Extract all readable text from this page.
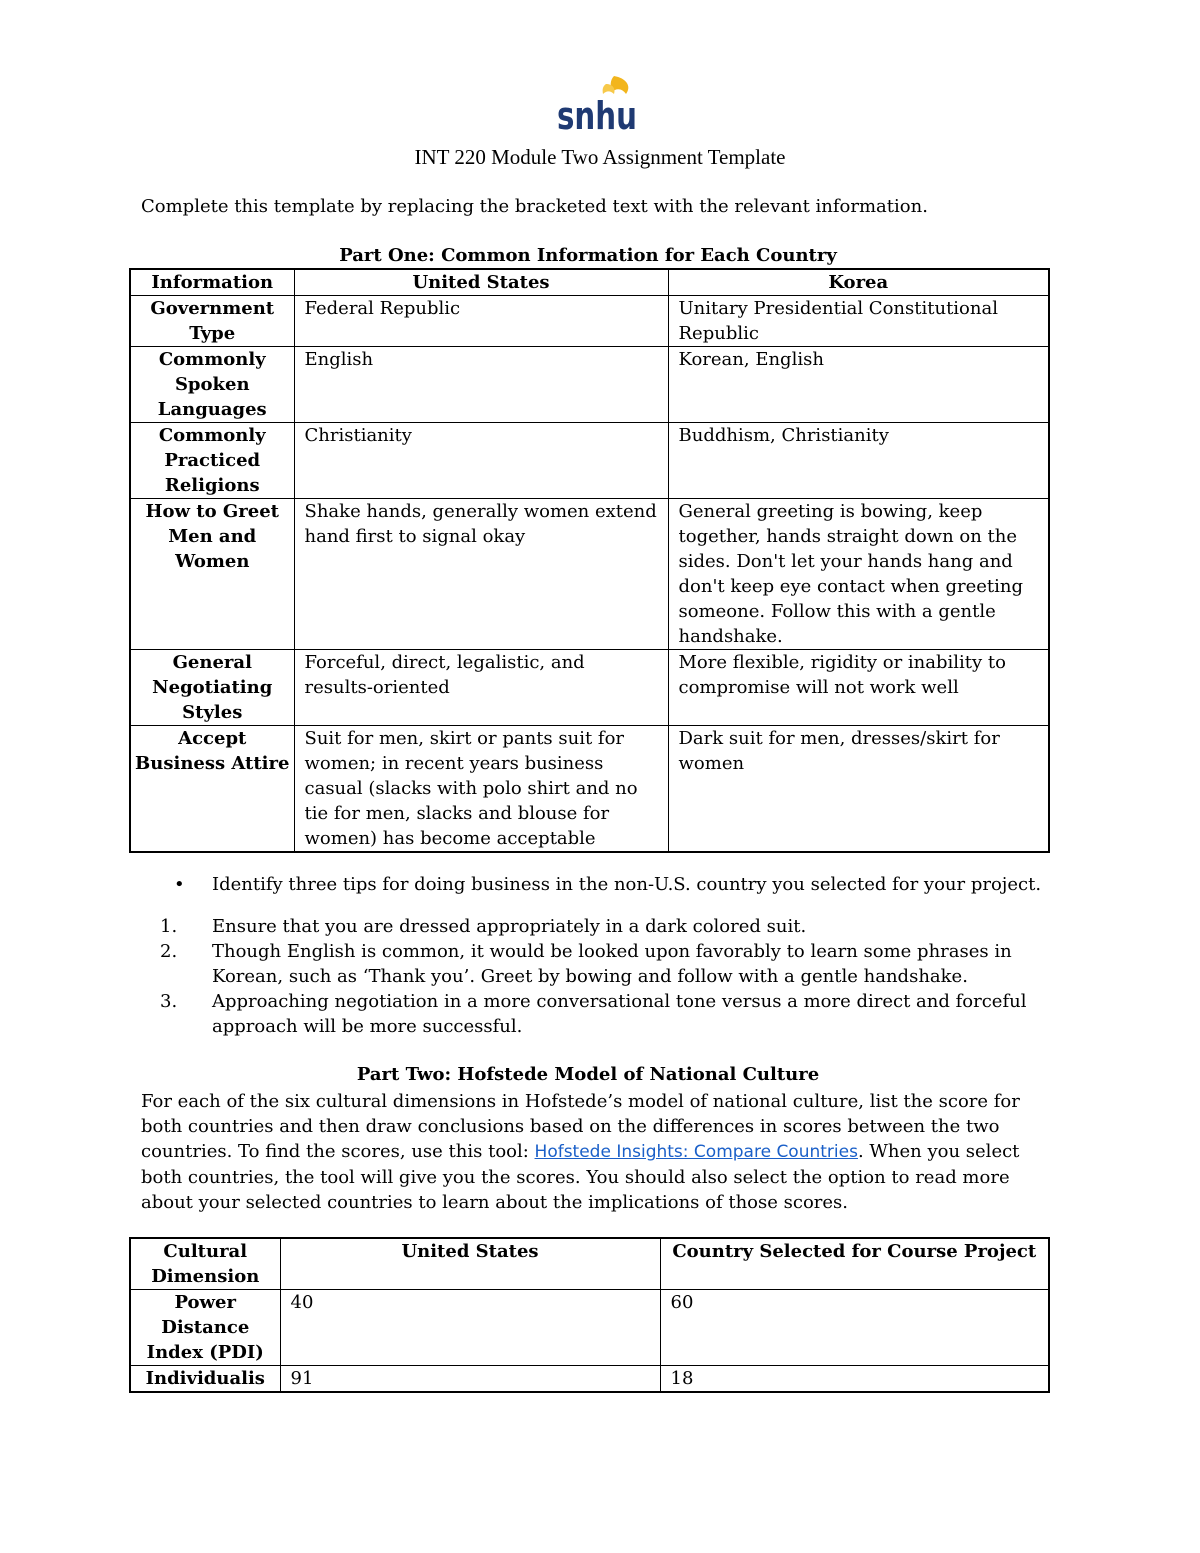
snhu
INT 220 Module Two Assignment Template
Complete this template by replacing the bracketed text with the relevant information.
Part One: Common Information for Each Country
Information	United States	Korea
Government Type	Federal Republic	Unitary Presidential Constitutional Republic
Commonly Spoken Languages	English	Korean, English
Commonly Practiced Religions	Christianity	Buddhism, Christianity
How to Greet Men and Women	Shake hands, generally women extend hand first to signal okay	General greeting is bowing, keep together, hands straight down on the sides. Don't let your hands hang and don't keep eye contact when greeting someone. Follow this with a gentle handshake.
General Negotiating Styles	Forceful, direct, legalistic, and results-oriented	More flexible, rigidity or inability to compromise will not work well
Accept Business Attire	Suit for men, skirt or pants suit for women; in recent years business casual (slacks with polo shirt and no tie for men, slacks and blouse for women) has become acceptable	Dark suit for men, dresses/skirt for women
• Identify three tips for doing business in the non-U.S. country you selected for your project.
1. Ensure that you are dressed appropriately in a dark colored suit.
2. Though English is common, it would be looked upon favorably to learn some phrases in Korean, such as ‘Thank you’. Greet by bowing and follow with a gentle handshake.
3. Approaching negotiation in a more conversational tone versus a more direct and forceful approach will be more successful.
Part Two: Hofstede Model of National Culture
For each of the six cultural dimensions in Hofstede’s model of national culture, list the score for both countries and then draw conclusions based on the differences in scores between the two countries. To find the scores, use this tool: Hofstede Insights: Compare Countries. When you select both countries, the tool will give you the scores. You should also select the option to read more about your selected countries to learn about the implications of those scores.
Cultural Dimension	United States	Country Selected for Course Project
Power Distance Index (PDI)	40	60
Individualis	91	18
